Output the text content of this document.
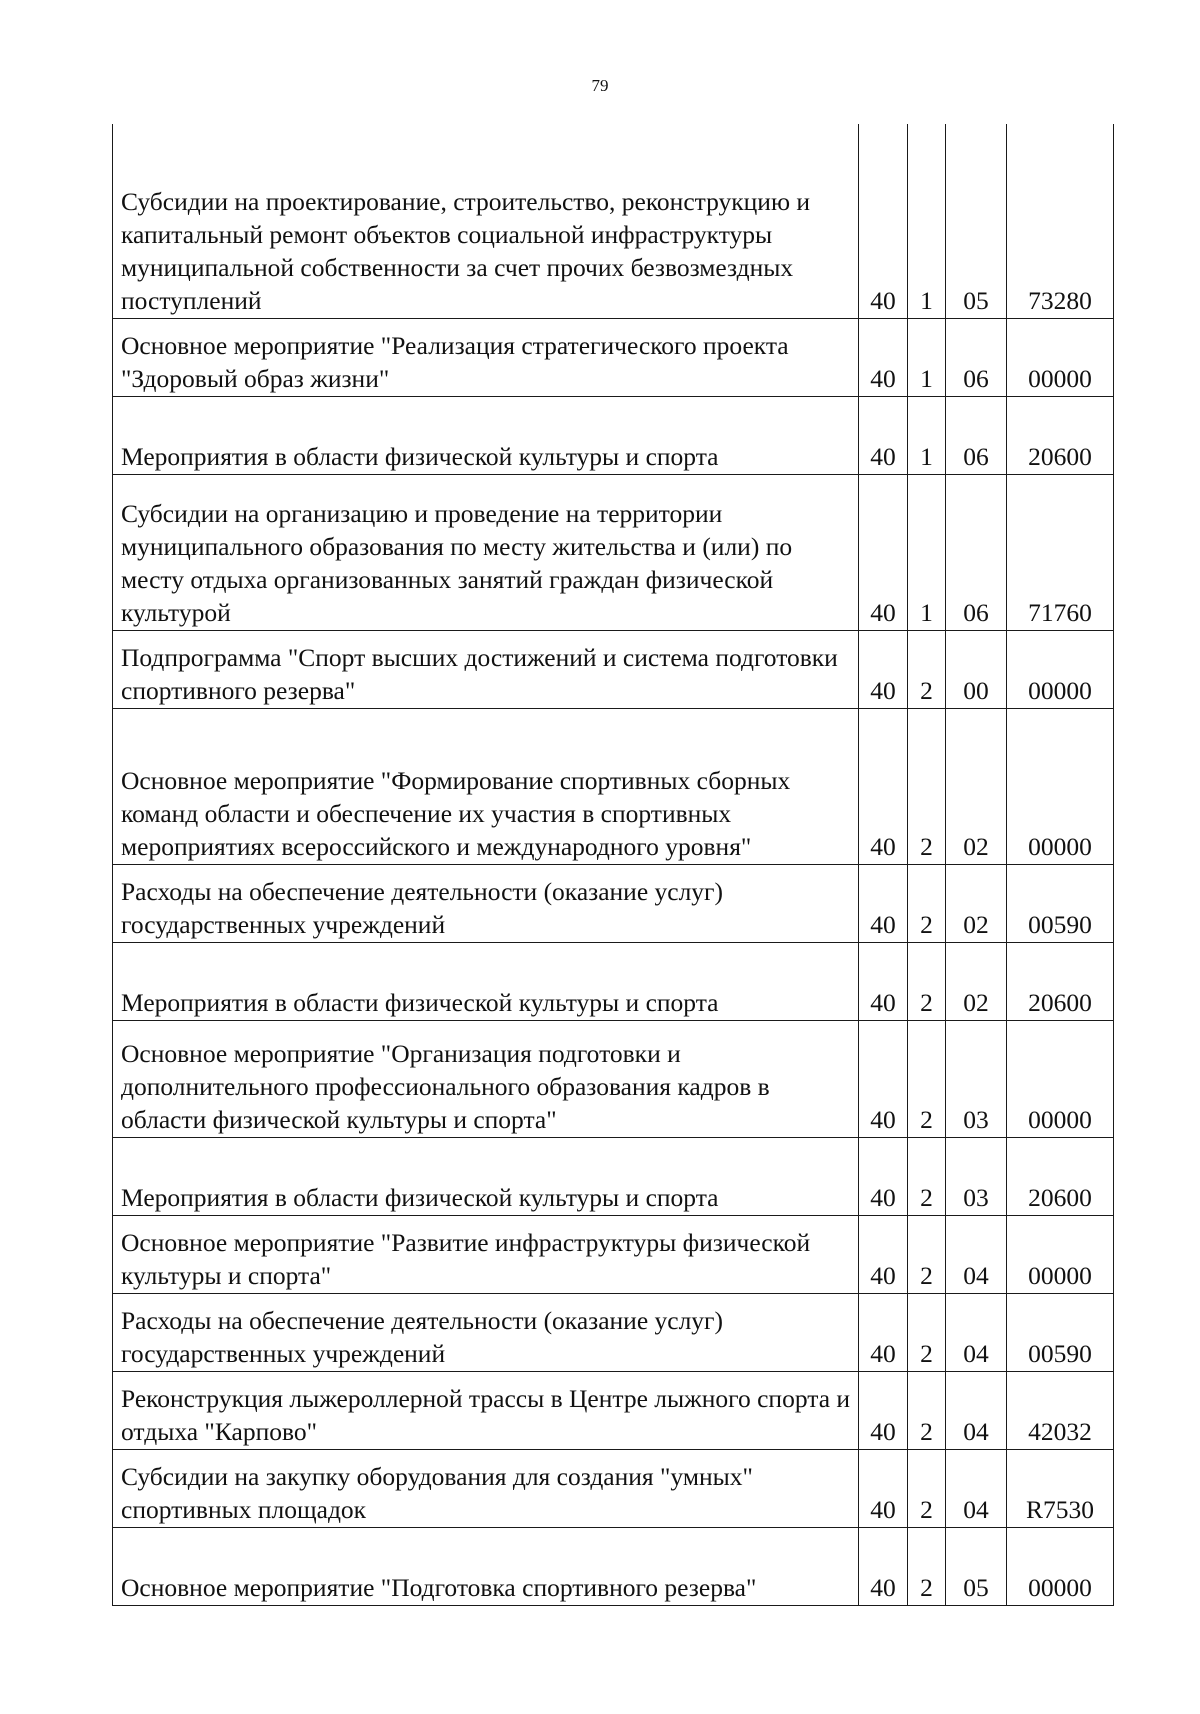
79
Субсидии на проектирование, строительство, реконструкцию и капитальный ремонт объектов социальной инфраструктуры муниципальной собственности за счет прочих безвозмездных поступлений	40	1	05	73280
Основное мероприятие "Реализация стратегического проекта "Здоровый образ жизни"	40	1	06	00000
Мероприятия в области физической культуры и спорта	40	1	06	20600
Субсидии на организацию и проведение на территории муниципального образования по месту жительства и (или) по месту отдыха организованных занятий граждан физической культурой	40	1	06	71760
Подпрограмма "Спорт высших достижений и система подготовки спортивного резерва"	40	2	00	00000
Основное мероприятие "Формирование спортивных сборных команд области и обеспечение их участия в спортивных мероприятиях всероссийского и международного уровня"	40	2	02	00000
Расходы на обеспечение деятельности (оказание услуг) государственных учреждений	40	2	02	00590
Мероприятия в области физической культуры и спорта	40	2	02	20600
Основное мероприятие "Организация подготовки и дополнительного профессионального образования кадров в области физической культуры и спорта"	40	2	03	00000
Мероприятия в области физической культуры и спорта	40	2	03	20600
Основное мероприятие "Развитие инфраструктуры физической культуры и спорта"	40	2	04	00000
Расходы на обеспечение деятельности (оказание услуг) государственных учреждений	40	2	04	00590
Реконструкция лыжероллерной трассы в Центре лыжного спорта и отдыха "Карпово"	40	2	04	42032
Субсидии на закупку оборудования для создания "умных" спортивных площадок	40	2	04	R7530
Основное мероприятие "Подготовка спортивного резерва"	40	2	05	00000
